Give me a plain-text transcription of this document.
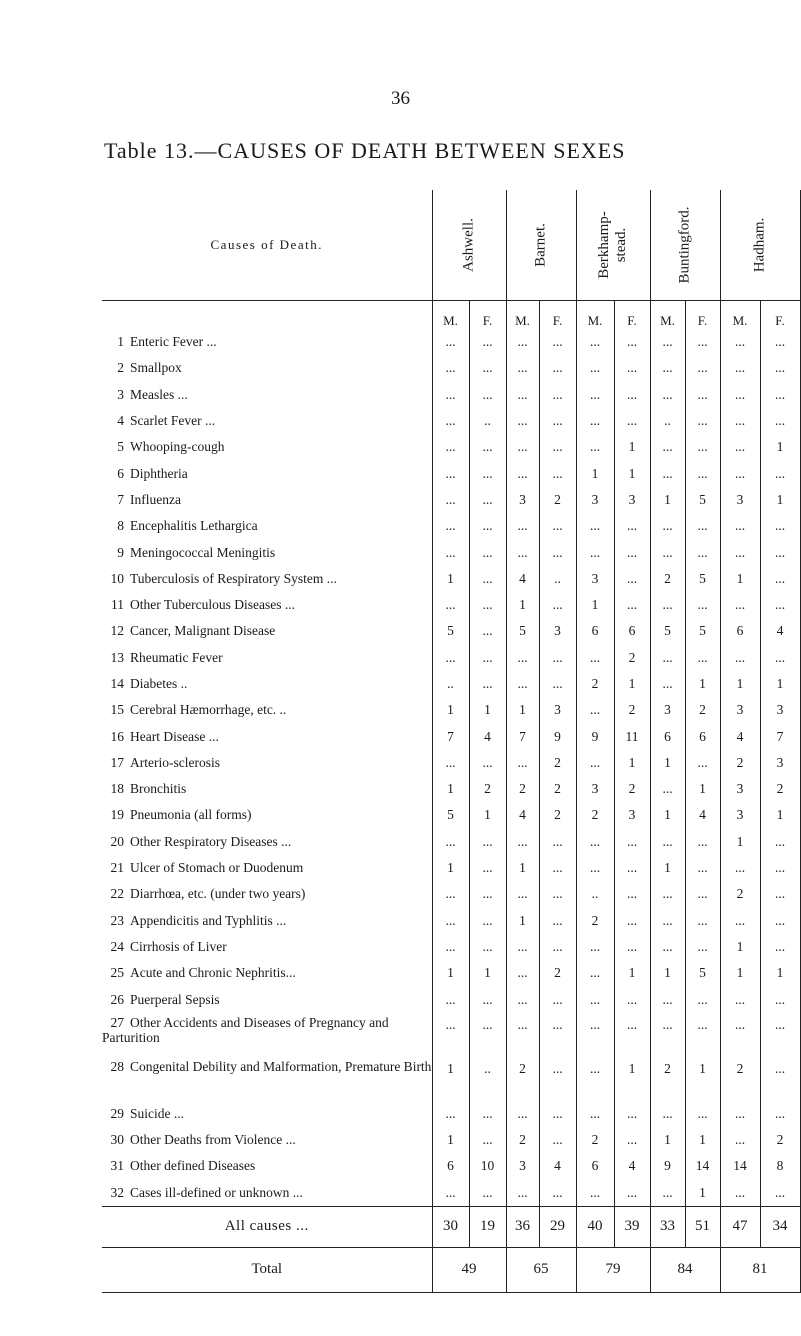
36
Table 13.—CAUSES OF DEATH BETWEEN SEXES
Causes of Death.	Ashwell.		Barnet.		Berkhamp-
stead.		Buntingford.		Hadham.	

	M.	F.	M.	F.	M.	F.	M.	F.	M.	F.
1 Enteric Fever ...	...	...	...	...	...	...	...	...	...	...
2 Smallpox	...	...	...	...	...	...	...	...	...	...
3 Measles ...	...	...	...	...	...	...	...	...	...	...
4 Scarlet Fever ...	...	..	...	...	...	...	..	...	...	...
5 Whooping-cough	...	...	...	...	...	1	...	...	...	1
6 Diphtheria	...	...	...	...	1	1	...	...	...	...
7 Influenza	...	...	3	2	3	3	1	5	3	1
8 Encephalitis Lethargica	...	...	...	...	...	...	...	...	...	...
9 Meningococcal Meningitis	...	...	...	...	...	...	...	...	...	...
10 Tuberculosis of Respiratory System ...	1	...	4	..	3	...	2	5	1	...
11 Other Tuberculous Diseases ...	...	...	1	...	1	...	...	...	...	...
12 Cancer, Malignant Disease	5	...	5	3	6	6	5	5	6	4
13 Rheumatic Fever	...	...	...	...	...	2	...	...	...	...
14 Diabetes ..	..	...	...	...	2	1	...	1	1	1
15 Cerebral Hæmorrhage, etc. ..	1	1	1	3	...	2	3	2	3	3
16 Heart Disease ...	7	4	7	9	9	11	6	6	4	7
17 Arterio-sclerosis	...	...	...	2	...	1	1	...	2	3
18 Bronchitis	1	2	2	2	3	2	...	1	3	2
19 Pneumonia (all forms)	5	1	4	2	2	3	1	4	3	1
20 Other Respiratory Diseases ...	...	...	...	...	...	...	...	...	1	...
21 Ulcer of Stomach or Duodenum	1	...	1	...	...	...	1	...	...	...
22 Diarrhœa, etc. (under two years)	...	...	...	...	..	...	...	...	2	...
23 Appendicitis and Typhlitis ...	...	...	1	...	2	...	...	...	...	...
24 Cirrhosis of Liver	...	...	...	...	...	...	...	...	1	...
25 Acute and Chronic Nephritis...	1	1	...	2	...	1	1	5	1	1
26 Puerperal Sepsis	...	...	...	...	...	...	...	...	...	...
27 Other Accidents and Diseases of Pregnancy and Parturition	...	...	...	...	...	...	...	...	...	...
28 Congenital Debility and Malformation, Premature Birth	1	..	2	...	...	1	2	1	2	...
29 Suicide ...	...	...	...	...	...	...	...	...	...	...
30 Other Deaths from Violence ...	1	...	2	...	2	...	1	1	...	2
31 Other defined Diseases	6	10	3	4	6	4	9	14	14	8
32 Cases ill-defined or unknown ...	...	...	...	...	...	...	...	1	...	...
All causes ...	30	19	36	29	40	39	33	51	47	34
Total	49		65		79		84		81	
